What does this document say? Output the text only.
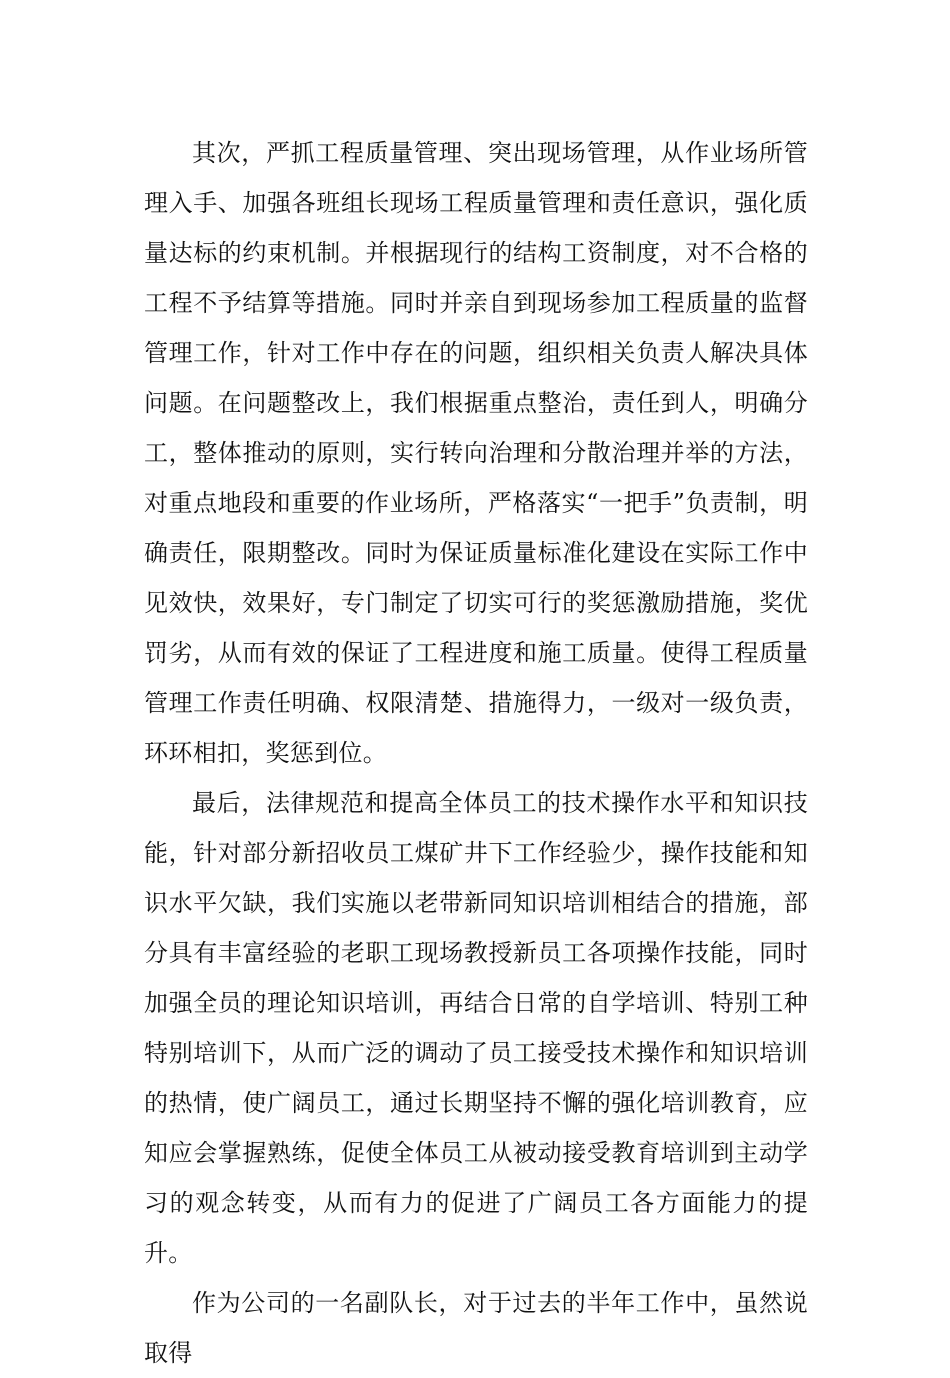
其次，严抓工程质量管理、突出现场管理，从作业场所管理入手、加强各班组长现场工程质量管理和责任意识，强化质量达标的约束机制。并根据现行的结构工资制度，对不合格的工程不予结算等措施。同时并亲自到现场参加工程质量的监督管理工作，针对工作中存在的问题，组织相关负责人解决具体问题。在问题整改上，我们根据重点整治，责任到人，明确分工，整体推动的原则，实行转向治理和分散治理并举的方法，对重点地段和重要的作业场所，严格落实“一把手”负责制，明确责任，限期整改。同时为保证质量标准化建设在实际工作中见效快，效果好，专门制定了切实可行的奖惩激励措施，奖优罚劣，从而有效的保证了工程进度和施工质量。使得工程质量管理工作责任明确、权限清楚、措施得力，一级对一级负责，环环相扣，奖惩到位。

最后，法律规范和提高全体员工的技术操作水平和知识技能，针对部分新招收员工煤矿井下工作经验少，操作技能和知识水平欠缺，我们实施以老带新同知识培训相结合的措施，部分具有丰富经验的老职工现场教授新员工各项操作技能，同时加强全员的理论知识培训，再结合日常的自学培训、特别工种特别培训下，从而广泛的调动了员工接受技术操作和知识培训的热情，使广阔员工，通过长期坚持不懈的强化培训教育，应知应会掌握熟练，促使全体员工从被动接受教育培训到主动学习的观念转变，从而有力的促进了广阔员工各方面能力的提升。

作为公司的一名副队长，对于过去的半年工作中，虽然说取得
